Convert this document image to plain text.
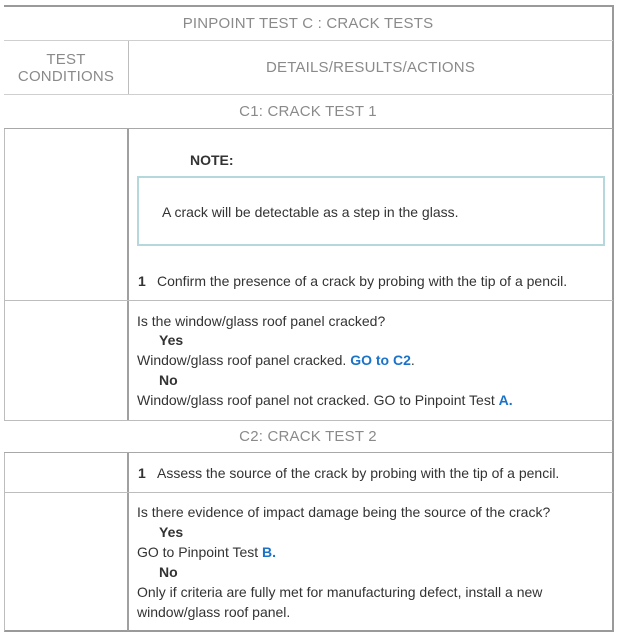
PINPOINT TEST C : CRACK TESTS
TEST
CONDITIONS	DETAILS/RESULTS/ACTIONS
C1: CRACK TEST 1
NOTE:
A crack will be detectable as a step in the glass.
1 Confirm the presence of a crack by probing with the tip of a pencil.
Is the window/glass roof panel cracked?
Yes
Window/glass roof panel cracked. GO to C2.
No
Window/glass roof panel not cracked. GO to Pinpoint Test A.
C2: CRACK TEST 2
1 Assess the source of the crack by probing with the tip of a pencil.
Is there evidence of impact damage being the source of the crack?
Yes
GO to Pinpoint Test B.
No
Only if criteria are fully met for manufacturing defect, install a new
window/glass roof panel.
